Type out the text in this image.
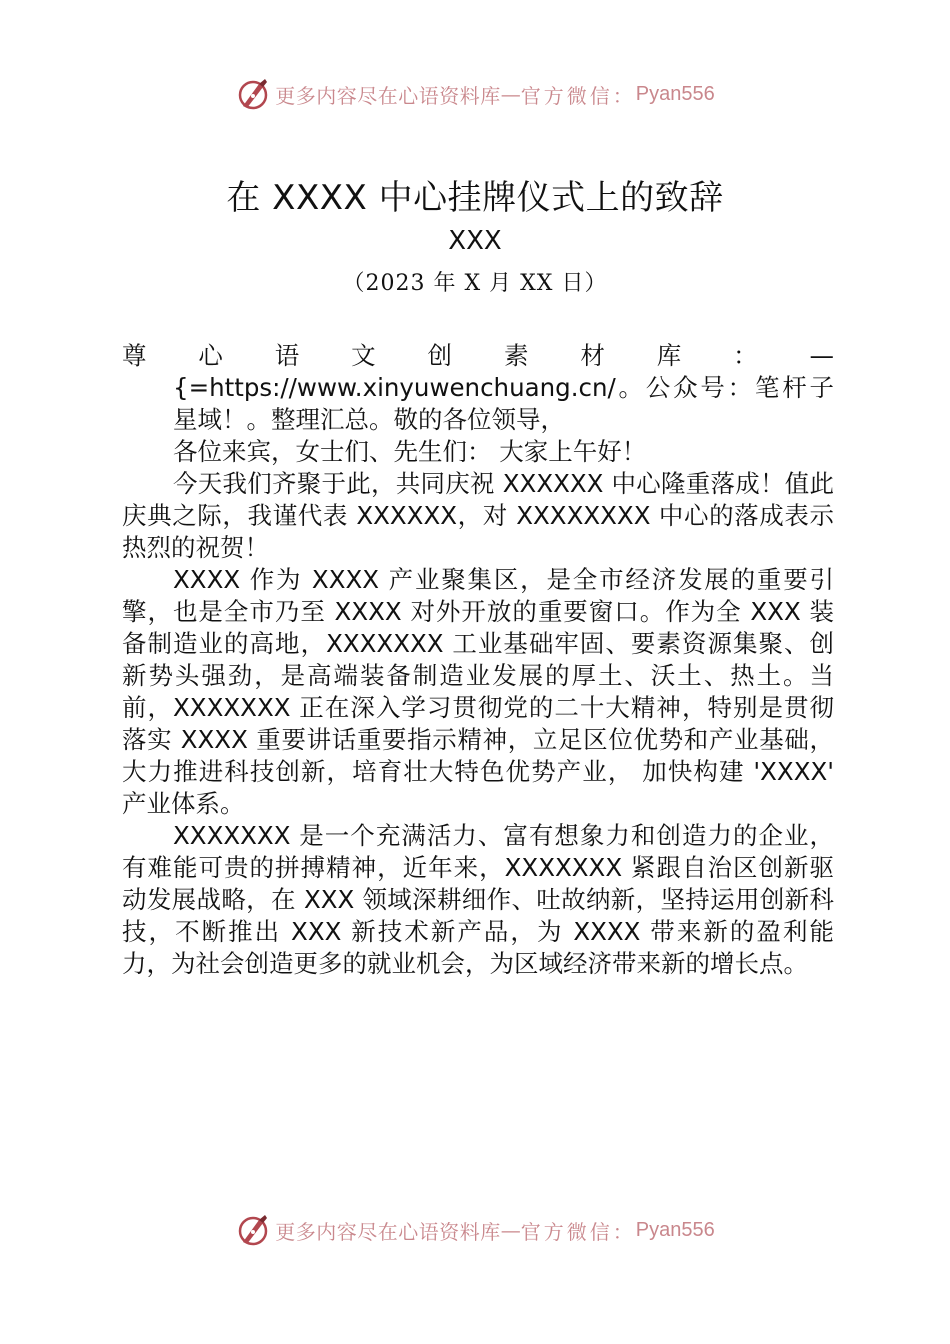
更多内容尽在心语资料库 — 官方微信： Pyan556
在 XXXX 中心挂牌仪式上的致辞
XXX
（2023 年 X 月 XX 日）

尊心语文创素材库：—{=https://www.xinyuwenchuang.cn/。公众号：笔杆子星域！。整理汇总。敬的各位领导，

各位来宾，女士们、先生们： 大家上午好！

今天我们齐聚于此，共同庆祝 XXXXXX 中心隆重落成！值此庆典之际，我谨代表 XXXXXX，对 XXXXXXXX 中心的落成表示热烈的祝贺！

XXXX 作为 XXXX 产业聚集区，是全市经济发展的重要引擎，也是全市乃至 XXXX 对外开放的重要窗口。作为全 XXX 装备制造业的高地，XXXXXXX 工业基础牢固、要素资源集聚、创新势头强劲，是高端装备制造业发展的厚土、沃土、热土。当 前，XXXXXXX 正在深入学习贯彻党的二十大精神，特别是贯彻落实 XXXX 重要讲话重要指示精神，立足区位优势和产业基础，大力推进科技创新，培育壮大特色优势产业， 加快构建 'XXXX' 产业体系。

XXXXXXX 是一个充满活力、富有想象力和创造力的企业，有难能可贵的拼搏精神，近年来，XXXXXXX 紧跟自治区创新驱动发展战略，在 XXX 领域深耕细作、吐故纳新，坚持运用创新科技，不断推出 XXX 新技术新产品，为 XXXX 带来新的盈利能力，为社会创造更多的就业机会，为区域经济带来新的增长点。

更多内容尽在心语资料库 — 官方微信： Pyan556
